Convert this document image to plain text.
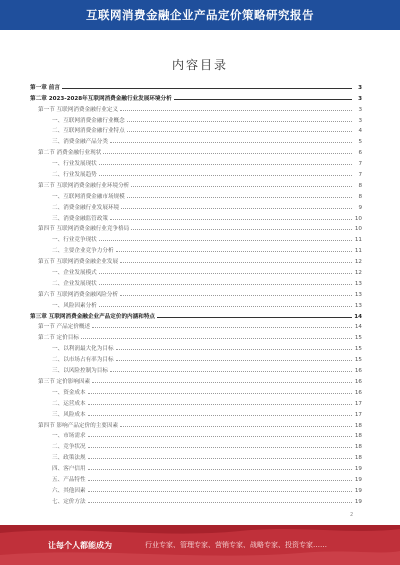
互联网消费金融企业产品定价策略研究报告
内容目录
第一章 前言	3
第二章 2023-2028年互联网消费金融行业发展环境分析	3
第一节 互联网消费金融行业定义	3
一、互联网消费金融行业概念	3
二、互联网消费金融行业特点	4
三、消费金融产品分类	5
第二节 消费金融行业现状	6
一、行业发展现状	7
二、行业发展趋势	7
第三节 互联网消费金融行业环境分析	8
一、互联网消费金融市场规模	8
二、消费金融行业发展环境	9
三、消费金融监管政策	10
第四节 互联网消费金融行业竞争格局	10
一、行业竞争现状	11
二、主要企业竞争力分析	11
第五节 互联网消费金融企业发展	12
一、企业发展模式	12
二、企业发展现状	13
第六节 互联网消费金融风险分析	13
一、风险因素分析	13
第三章 互联网消费金融企业产品定价的内涵和特点	14
第一节 产品定价概述	14
第二节 定价目标	15
一、以利润最大化为目标	15
二、以市场占有率为目标	15
三、以风险控制为目标	16
第三节 定价影响因素	16
一、资金成本	16
二、运营成本	17
三、风险成本	17
第四节 影响产品定价的主要因素	18
一、市场需求	18
二、竞争状况	18
三、政策法规	18
四、客户信用	19
五、产品特性	19
六、其他因素	19
七、定价方法	19
2
让每个人都能成为	行业专家、管理专家、营销专家、战略专家、投资专家……
